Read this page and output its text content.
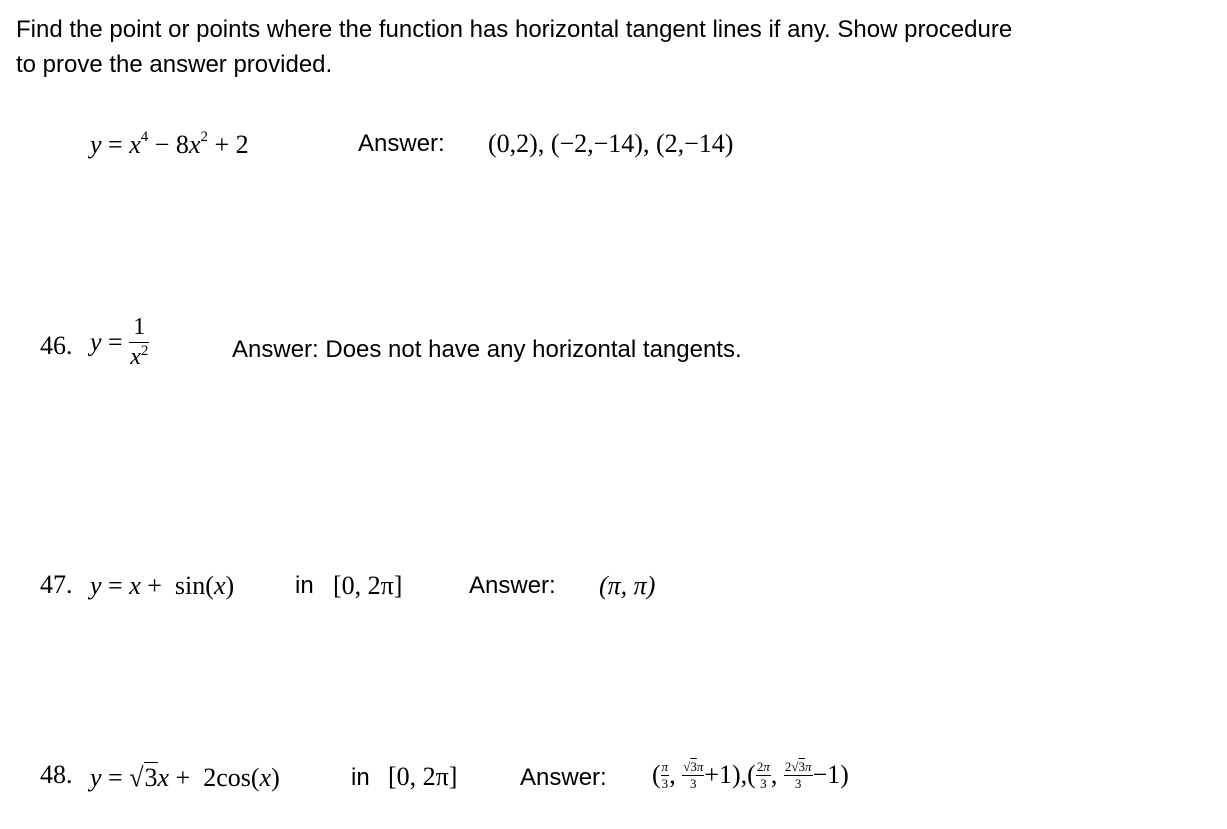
Find the point or points where the function has horizontal tangent lines if any. Show procedure
to prove the answer provided.
$y = x^4 - 8x^2 + 2$	Answer: (0,2), (−2,−14), (2,−14)
46. $y = \frac{1}{x^2}$	Answer: Does not have any horizontal tangents.
47. y = x +  sin(x)	in [0, 2π]	Answer: (π, π)
48. y = √3x +  2cos(x)	in [0, 2π]	Answer: ( $\frac{\pi}{3}$ , $\frac{√3\pi}{3} +1),( \frac{2\pi}{3}$ , $\frac{2√3\pi}{3} -1$)
